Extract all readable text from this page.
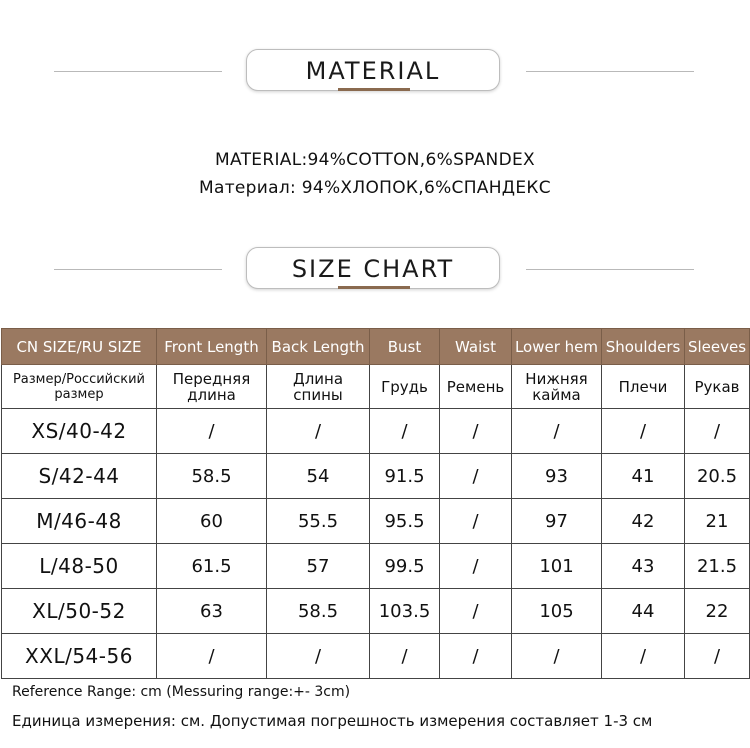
MATERIAL
MATERIAL:94%COTTON,6%SPANDEX
Материал: 94%ХЛОПОК,6%СПАНДЕКС
SIZE CHART
CN SIZE/RU SIZE	Front Length	Back Length	Bust	Waist	Lower hem	Shoulders	Sleeves
Размер/Российский размер	Передняя длина	Длина спины	Грудь	Ремень	Нижняя кайма	Плечи	Рукав
XS/40-42	/	/	/	/	/	/	/
S/42-44	58.5	54	91.5	/	93	41	20.5
M/46-48	60	55.5	95.5	/	97	42	21
L/48-50	61.5	57	99.5	/	101	43	21.5
XL/50-52	63	58.5	103.5	/	105	44	22
XXL/54-56	/	/	/	/	/	/	/
Reference Range: cm (Messuring range:+- 3cm)
Единица измерения: см. Допустимая погрешность измерения составляет 1-3 см
